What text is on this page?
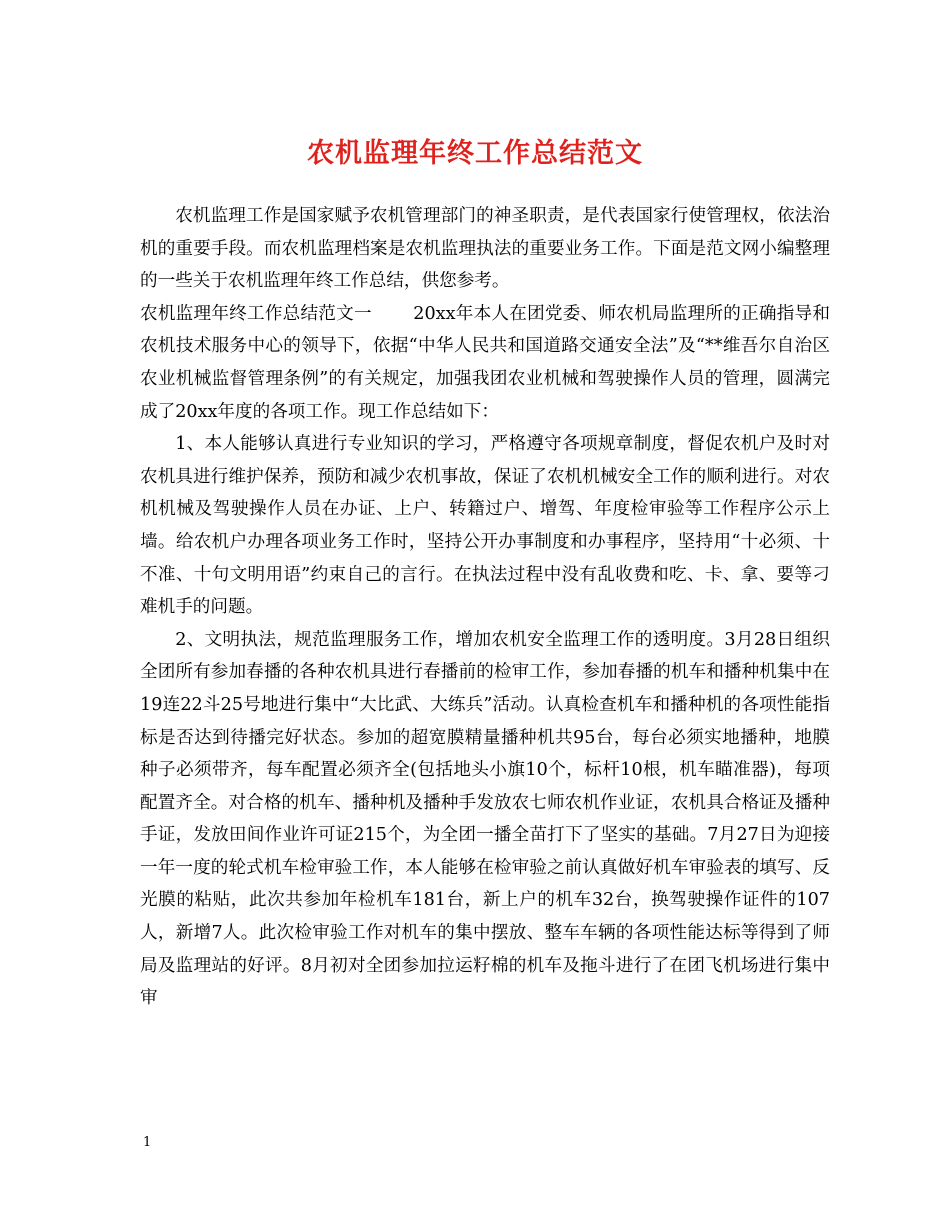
农机监理年终工作总结范文

农机监理工作是国家赋予农机管理部门的神圣职责，是代表国家行使管理权，依法治机的重要手段。而农机监理档案是农机监理执法的重要业务工作。下面是范文网小编整理的一些关于农机监理年终工作总结，供您参考。

农机监理年终工作总结范文一　　 20xx年本人在团党委、师农机局监理所的正确指导和农机技术服务中心的领导下，依据“中华人民共和国道路交通安全法”及“**维吾尔自治区农业机械监督管理条例”的有关规定，加强我团农业机械和驾驶操作人员的管理，圆满完成了20xx年度的各项工作。现工作总结如下：

1、本人能够认真进行专业知识的学习，严格遵守各项规章制度，督促农机户及时对农机具进行维护保养，预防和减少农机事故，保证了农机机械安全工作的顺利进行。对农机机械及驾驶操作人员在办证、上户、转籍过户、增驾、年度检审验等工作程序公示上墙。给农机户办理各项业务工作时，坚持公开办事制度和办事程序，坚持用“十必须、十不准、十句文明用语”约束自己的言行。在执法过程中没有乱收费和吃、卡、拿、要等刁难机手的问题。

2、文明执法，规范监理服务工作，增加农机安全监理工作的透明度。3月28日组织全团所有参加春播的各种农机具进行春播前的检审工作，参加春播的机车和播种机集中在19连22斗25号地进行集中“大比武、大练兵”活动。认真检查机车和播种机的各项性能指标是否达到待播完好状态。参加的超宽膜精量播种机共95台，每台必须实地播种，地膜种子必须带齐，每车配置必须齐全(包括地头小旗10个，标杆10根，机车瞄准器)，每项配置齐全。对合格的机车、播种机及播种手发放农七师农机作业证，农机具合格证及播种手证，发放田间作业许可证215个，为全团一播全苗打下了坚实的基础。7月27日为迎接一年一度的轮式机车检审验工作，本人能够在检审验之前认真做好机车审验表的填写、反光膜的粘贴，此次共参加年检机车181台，新上户的机车32台，换驾驶操作证件的107人，新增7人。此次检审验工作对机车的集中摆放、整车车辆的各项性能达标等得到了师局及监理站的好评。8月初对全团参加拉运籽棉的机车及拖斗进行了在团飞机场进行集中审

1
